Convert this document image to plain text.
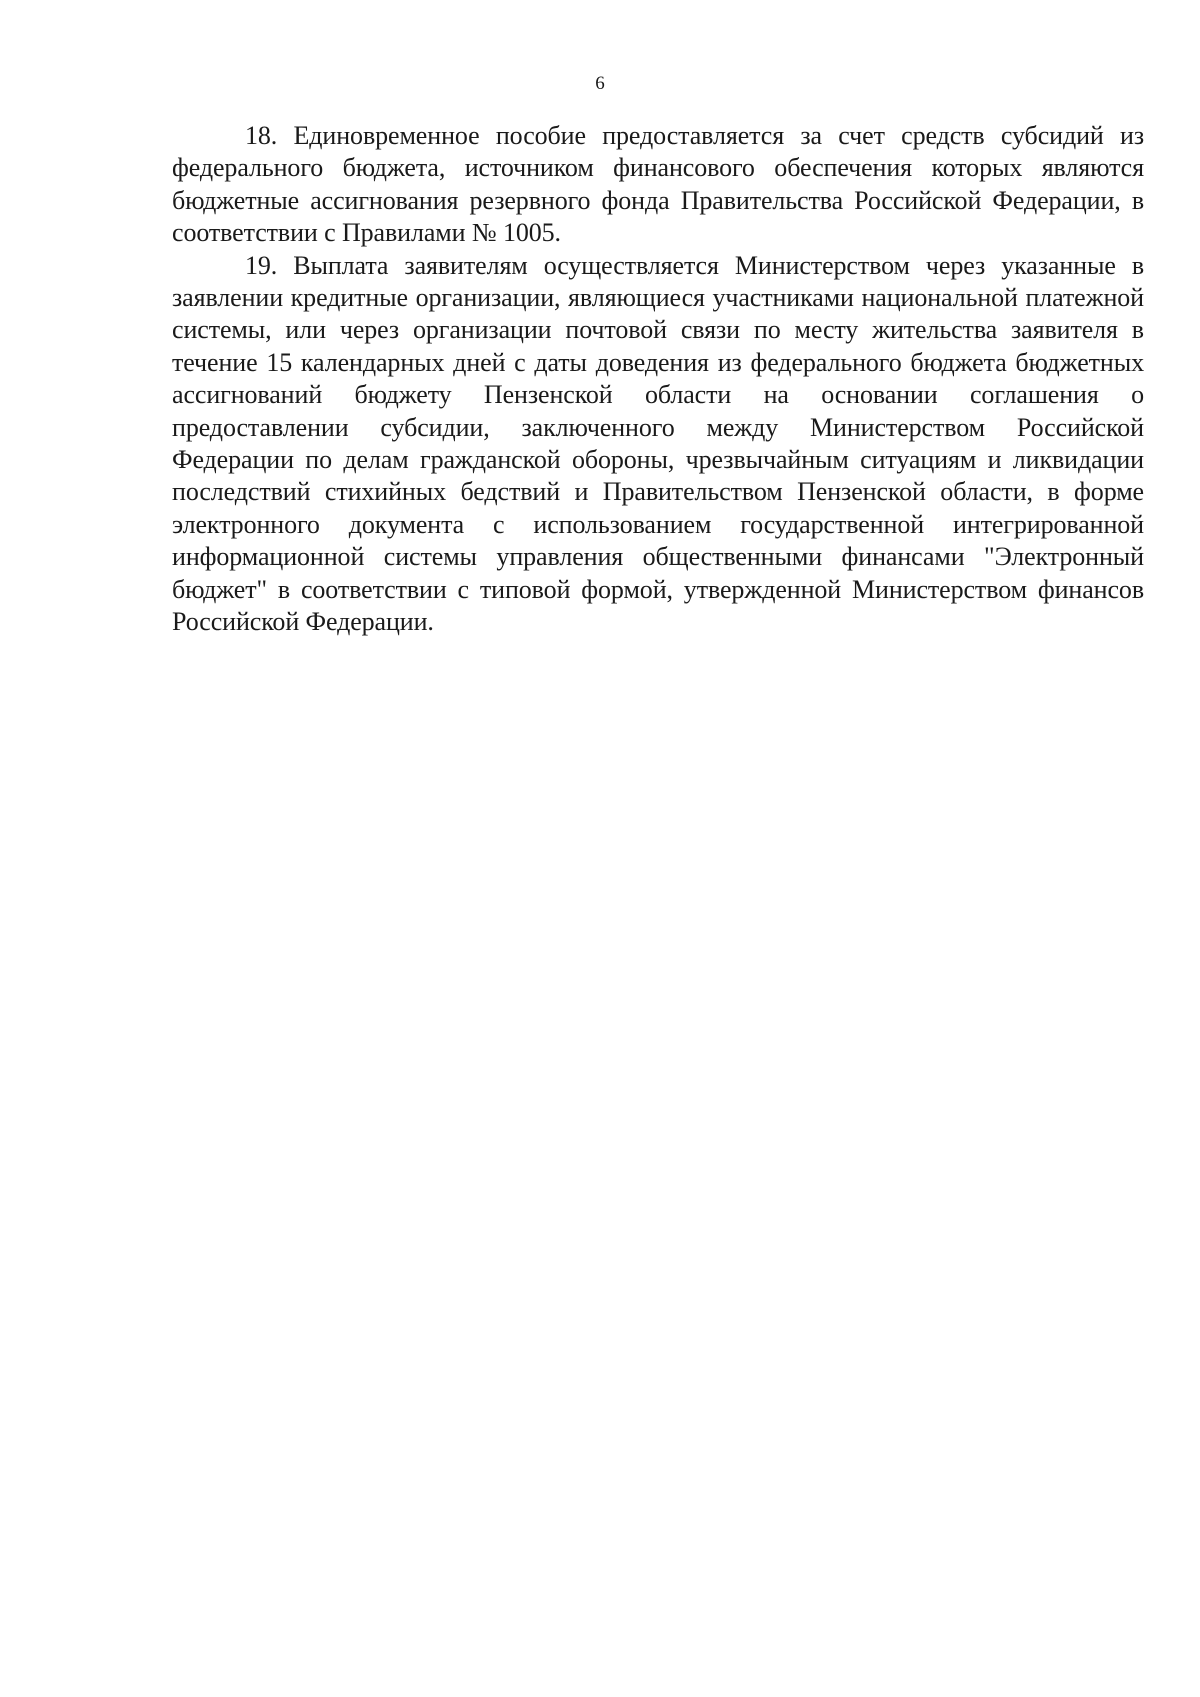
6

18. Единовременное пособие предоставляется за счет средств субсидий из федерального бюджета, источником финансового обеспечения которых являются бюджетные ассигнования резервного фонда Правительства Российской Федерации, в соответствии с Правилами № 1005.

19. Выплата заявителям осуществляется Министерством через указанные в заявлении кредитные организации, являющиеся участниками национальной платежной системы, или через организации почтовой связи по месту жительства заявителя в течение 15 календарных дней с даты доведения из федерального бюджета бюджетных ассигнований бюджету Пензенской области на основании соглашения о предоставлении субсидии, заключенного между Министерством Российской Федерации по делам гражданской обороны, чрезвычайным ситуациям и ликвидации последствий стихийных бедствий и Правительством Пензенской области, в форме электронного документа с использованием государственной интегрированной информационной системы управления общественными финансами "Электронный бюджет" в соответствии с типовой формой, утвержденной Министерством финансов Российской Федерации.
